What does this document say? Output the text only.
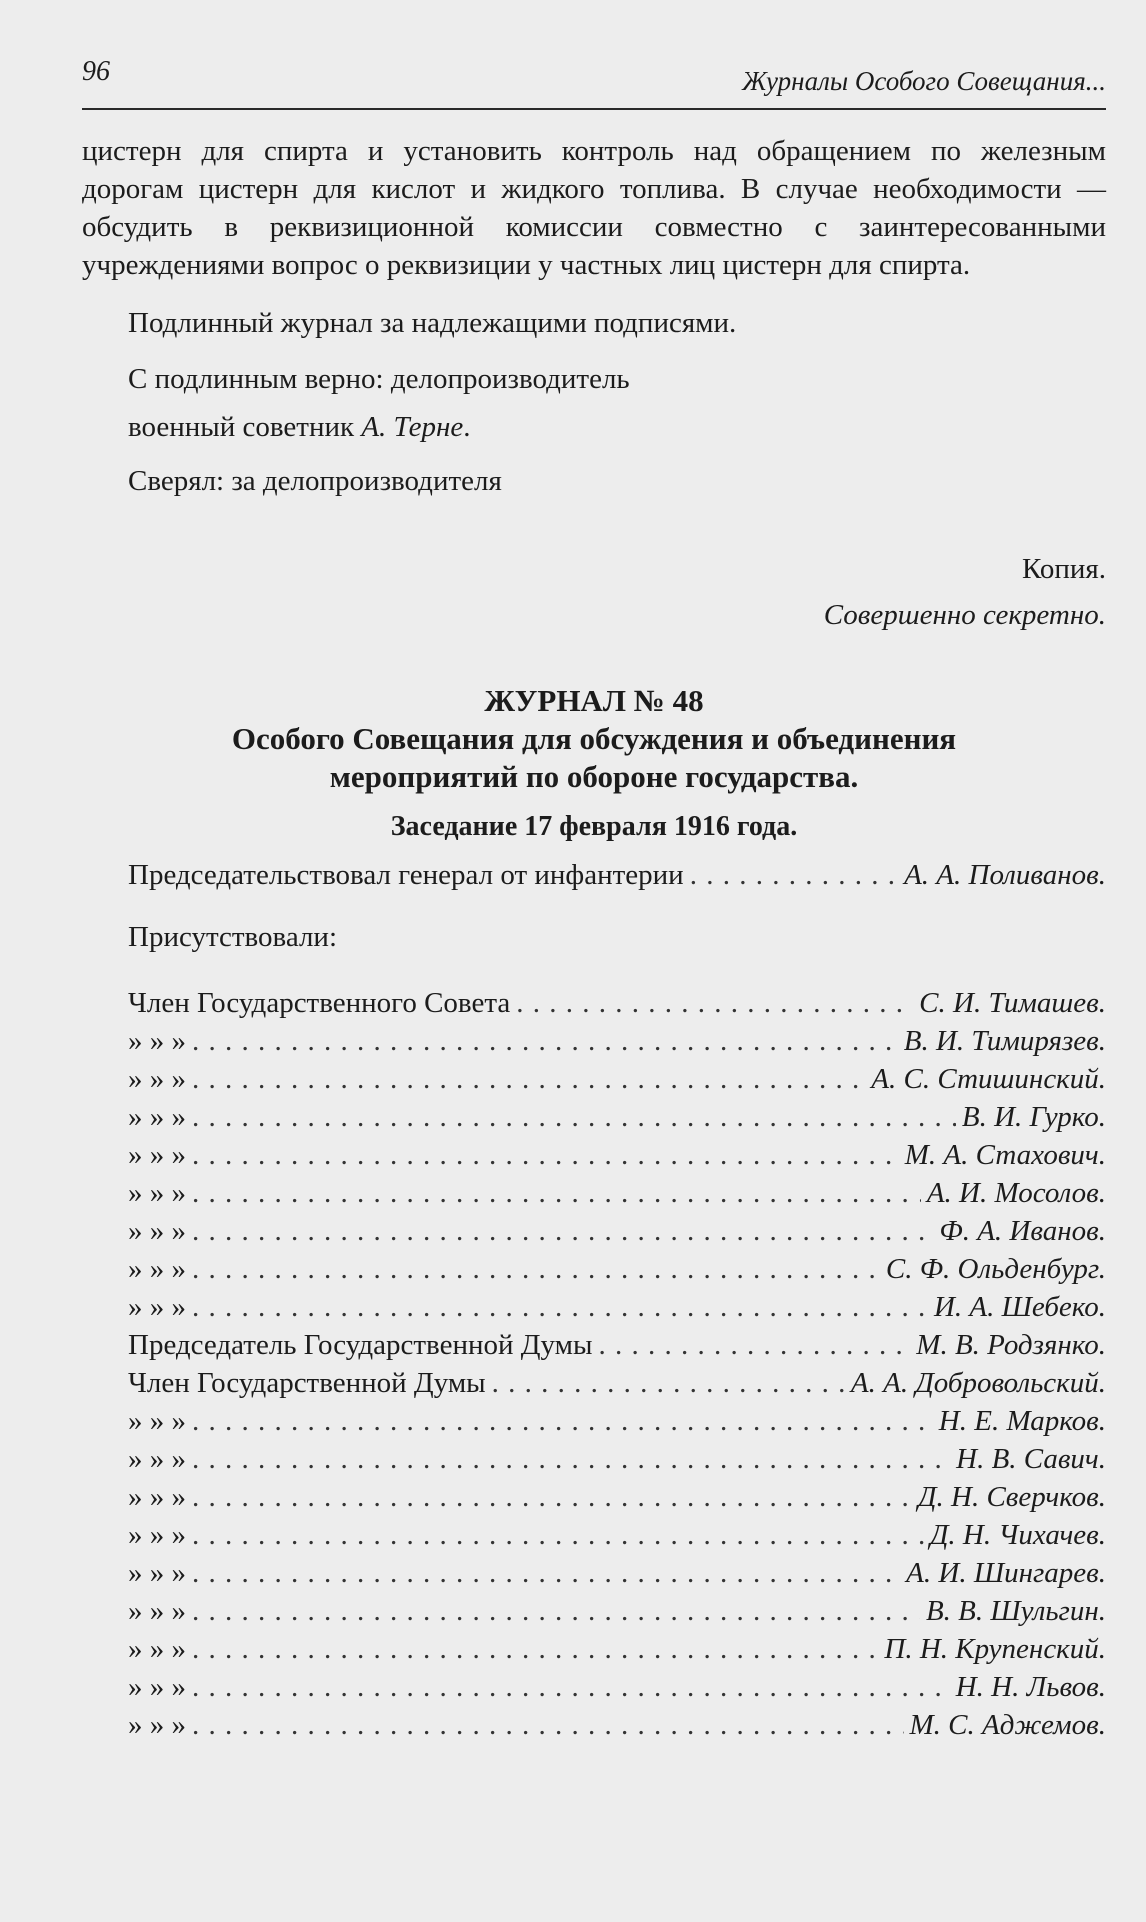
96	Журналы Особого Совещания...

цистерн для спирта и установить контроль над обращением по железным
дорогам цистерн для кислот и жидкого топлива. В случае необходимости —
обсудить в реквизиционной комиссии совместно с заинтересованными
учреждениями вопрос о реквизиции у частных лиц цистерн для спирта.

Подлинный журнал за надлежащими подписями.

С подлинным верно: делопроизводитель

военный советник А. Терне.

Сверял: за делопроизводителя

Копия.

Совершенно секретно.

ЖУРНАЛ № 48

Особого Совещания для обсуждения и объединения

мероприятий по обороне государства.

Заседание 17 февраля 1916 года.

Председательствовал генерал от инфантерии . . .	А. А. Поливанов.

Присутствовали:

Член Государственного Совета . . .	С. И. Тимашев.
» » » . . .	В. И. Тимирязев.
» » » . . .	А. С. Стишинский.
» » » . . .	В. И. Гурко.
» » » . . .	М. А. Стахович.
» » » . . .	А. И. Мосолов.
» » » . . .	Ф. А. Иванов.
» » » . . .	С. Ф. Ольденбург.
» » » . . .	И. А. Шебеко.
Председатель Государственной Думы . . .	М. В. Родзянко.
Член Государственной Думы . . .	А. А. Добровольский.
» » » . . .	Н. Е. Марков.
» » » . . .	Н. В. Савич.
» » » . . .	Д. Н. Сверчков.
» » » . . .	Д. Н. Чихачев.
» » » . . .	А. И. Шингарев.
» » » . . .	В. В. Шульгин.
» » » . . .	П. Н. Крупенский.
» » » . . .	Н. Н. Львов.
» » » . . .	М. С. Аджемов.
